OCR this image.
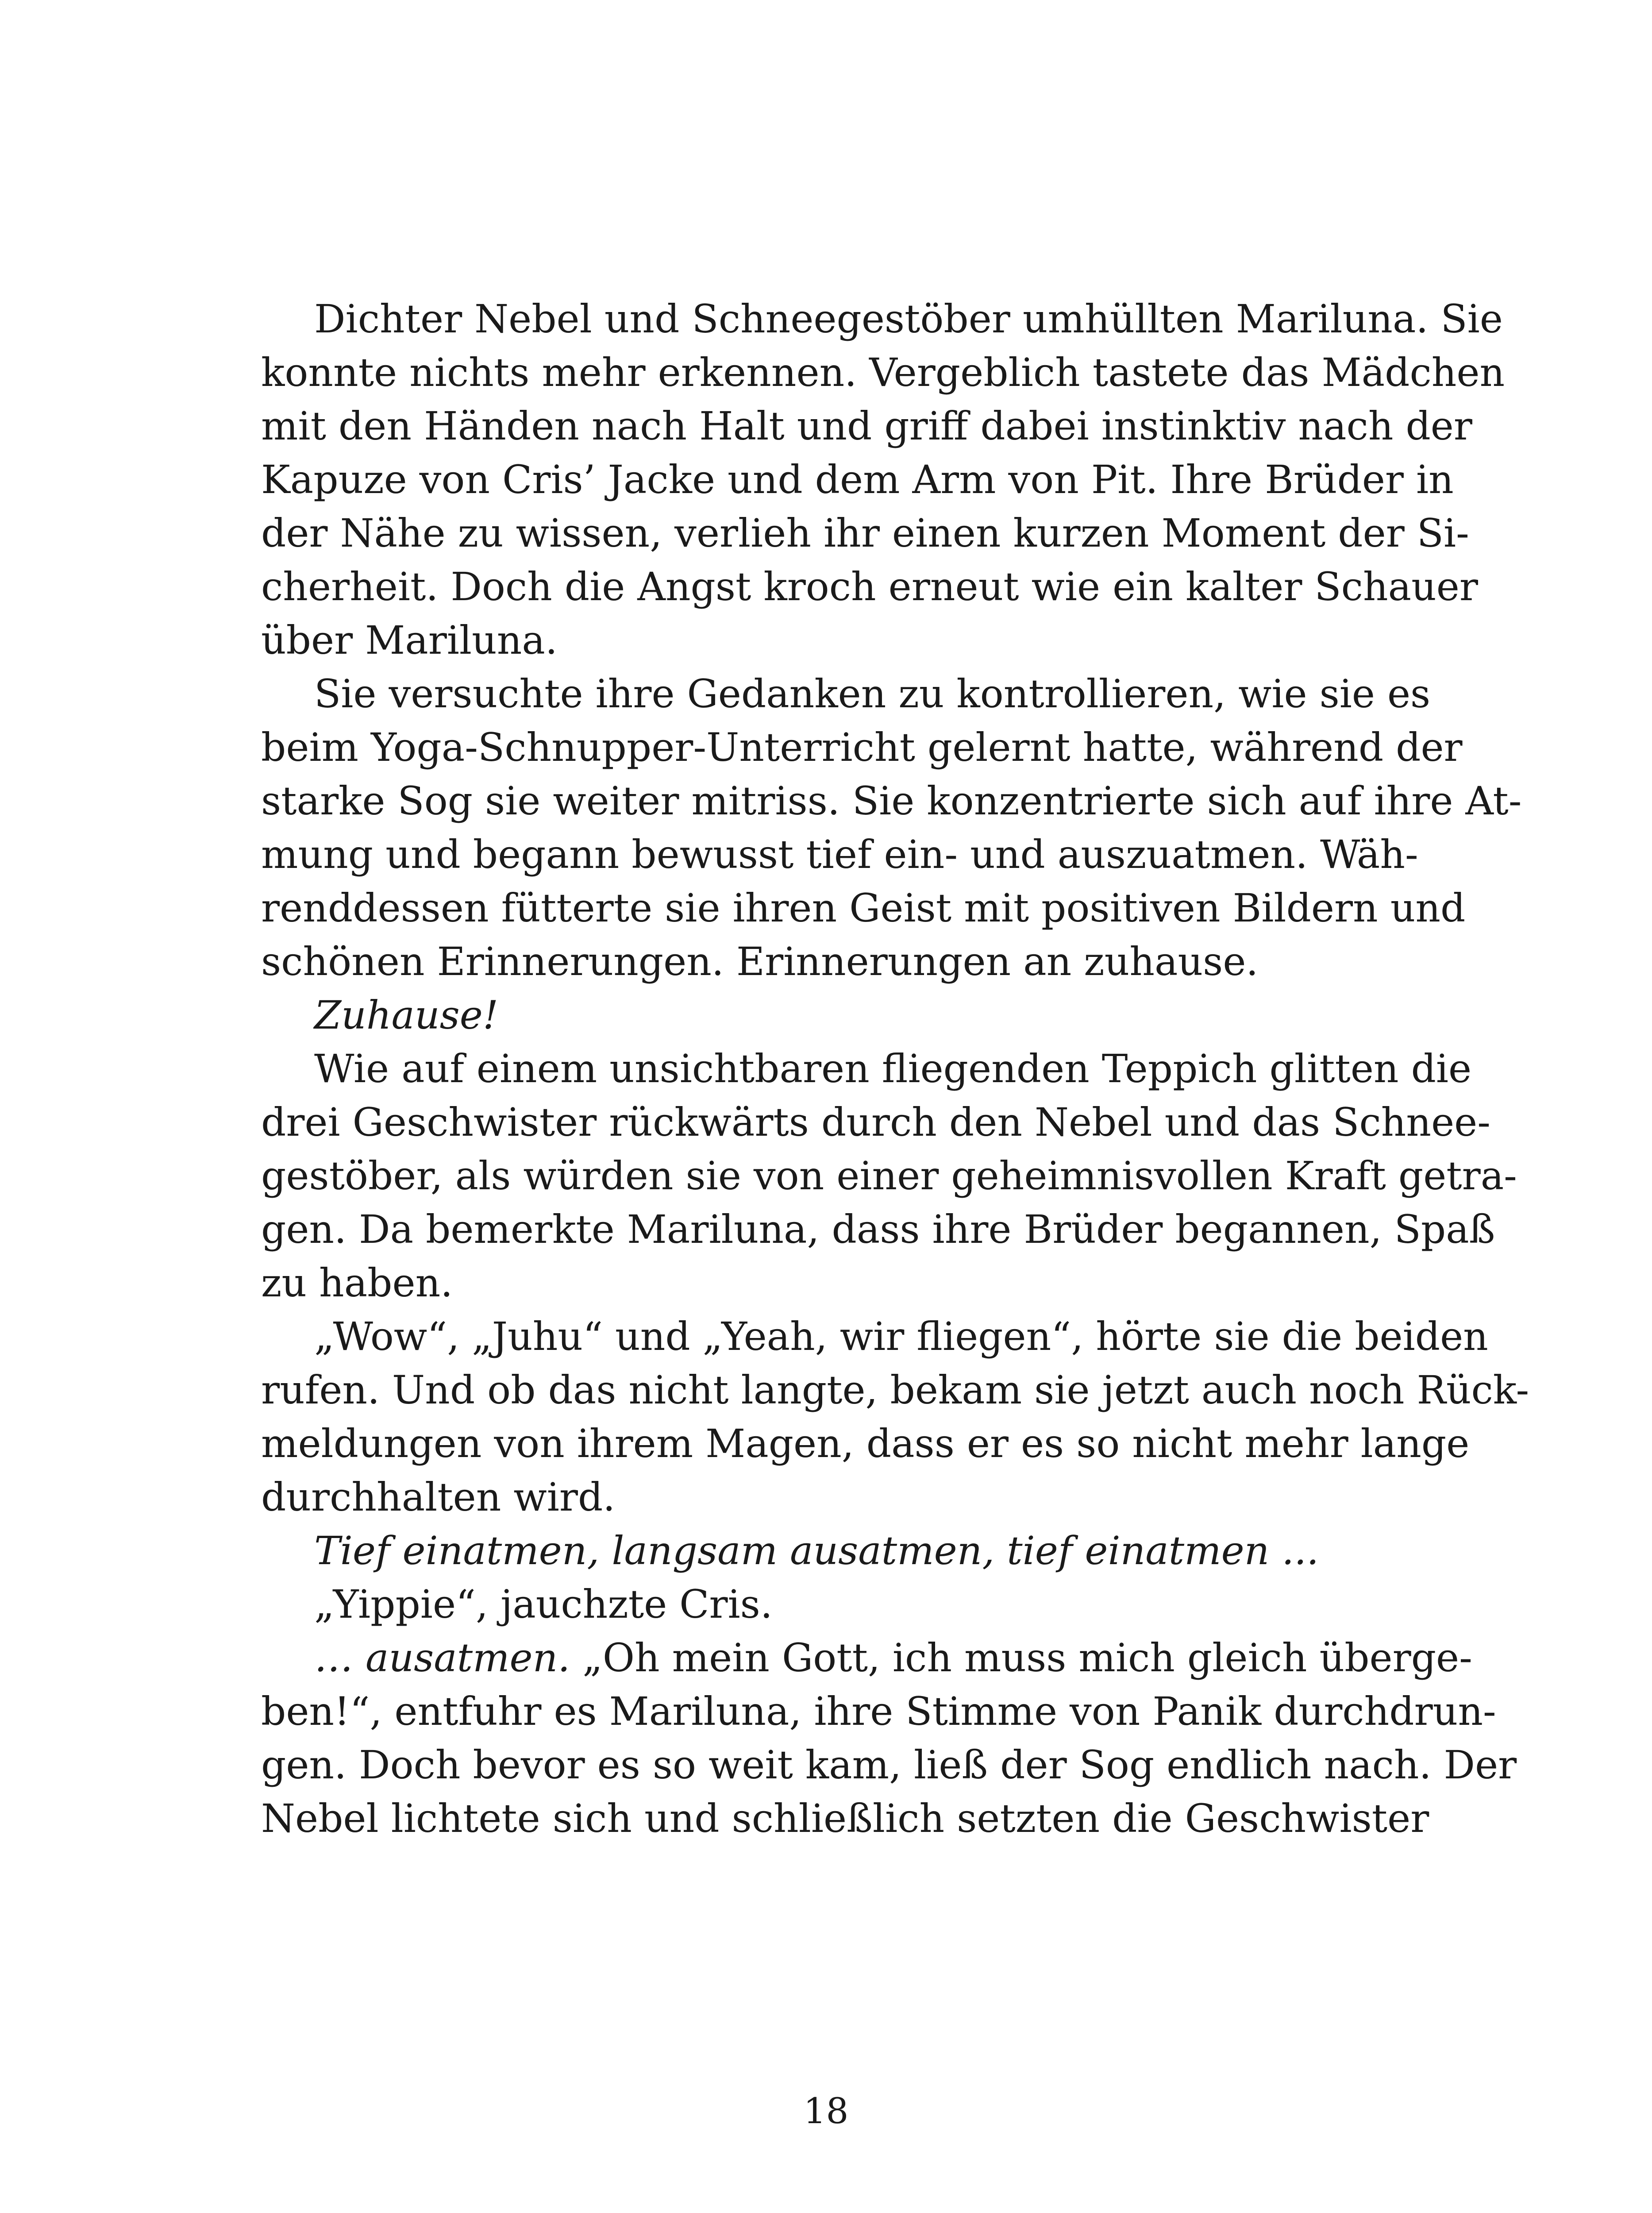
Dichter Nebel und Schneegestöber umhüllten Mariluna. Sie
konnte nichts mehr erkennen. Vergeblich tastete das Mädchen
mit den Händen nach Halt und griff dabei instinktiv nach der
Kapuze von Cris’ Jacke und dem Arm von Pit. Ihre Brüder in
der Nähe zu wissen, verlieh ihr einen kurzen Moment der Si-
cherheit. Doch die Angst kroch erneut wie ein kalter Schauer
über Mariluna.
Sie versuchte ihre Gedanken zu kontrollieren, wie sie es
beim Yoga-Schnupper-Unterricht gelernt hatte, während der
starke Sog sie weiter mitriss. Sie konzentrierte sich auf ihre At-
mung und begann bewusst tief ein- und auszuatmen. Wäh-
renddessen fütterte sie ihren Geist mit positiven Bildern und
schönen Erinnerungen. Erinnerungen an zuhause.
Zuhause!
Wie auf einem unsichtbaren fliegenden Teppich glitten die
drei Geschwister rückwärts durch den Nebel und das Schnee-
gestöber, als würden sie von einer geheimnisvollen Kraft getra-
gen. Da bemerkte Mariluna, dass ihre Brüder begannen, Spaß
zu haben.
„Wow“, „Juhu“ und „Yeah, wir fliegen“, hörte sie die beiden
rufen. Und ob das nicht langte, bekam sie jetzt auch noch Rück-
meldungen von ihrem Magen, dass er es so nicht mehr lange
durchhalten wird.
Tief einatmen, langsam ausatmen, tief einatmen ...
„Yippie“, jauchzte Cris.
… ausatmen. „Oh mein Gott, ich muss mich gleich überge-
ben!“, entfuhr es Mariluna, ihre Stimme von Panik durchdrun-
gen. Doch bevor es so weit kam, ließ der Sog endlich nach. Der
Nebel lichtete sich und schließlich setzten die Geschwister
18
